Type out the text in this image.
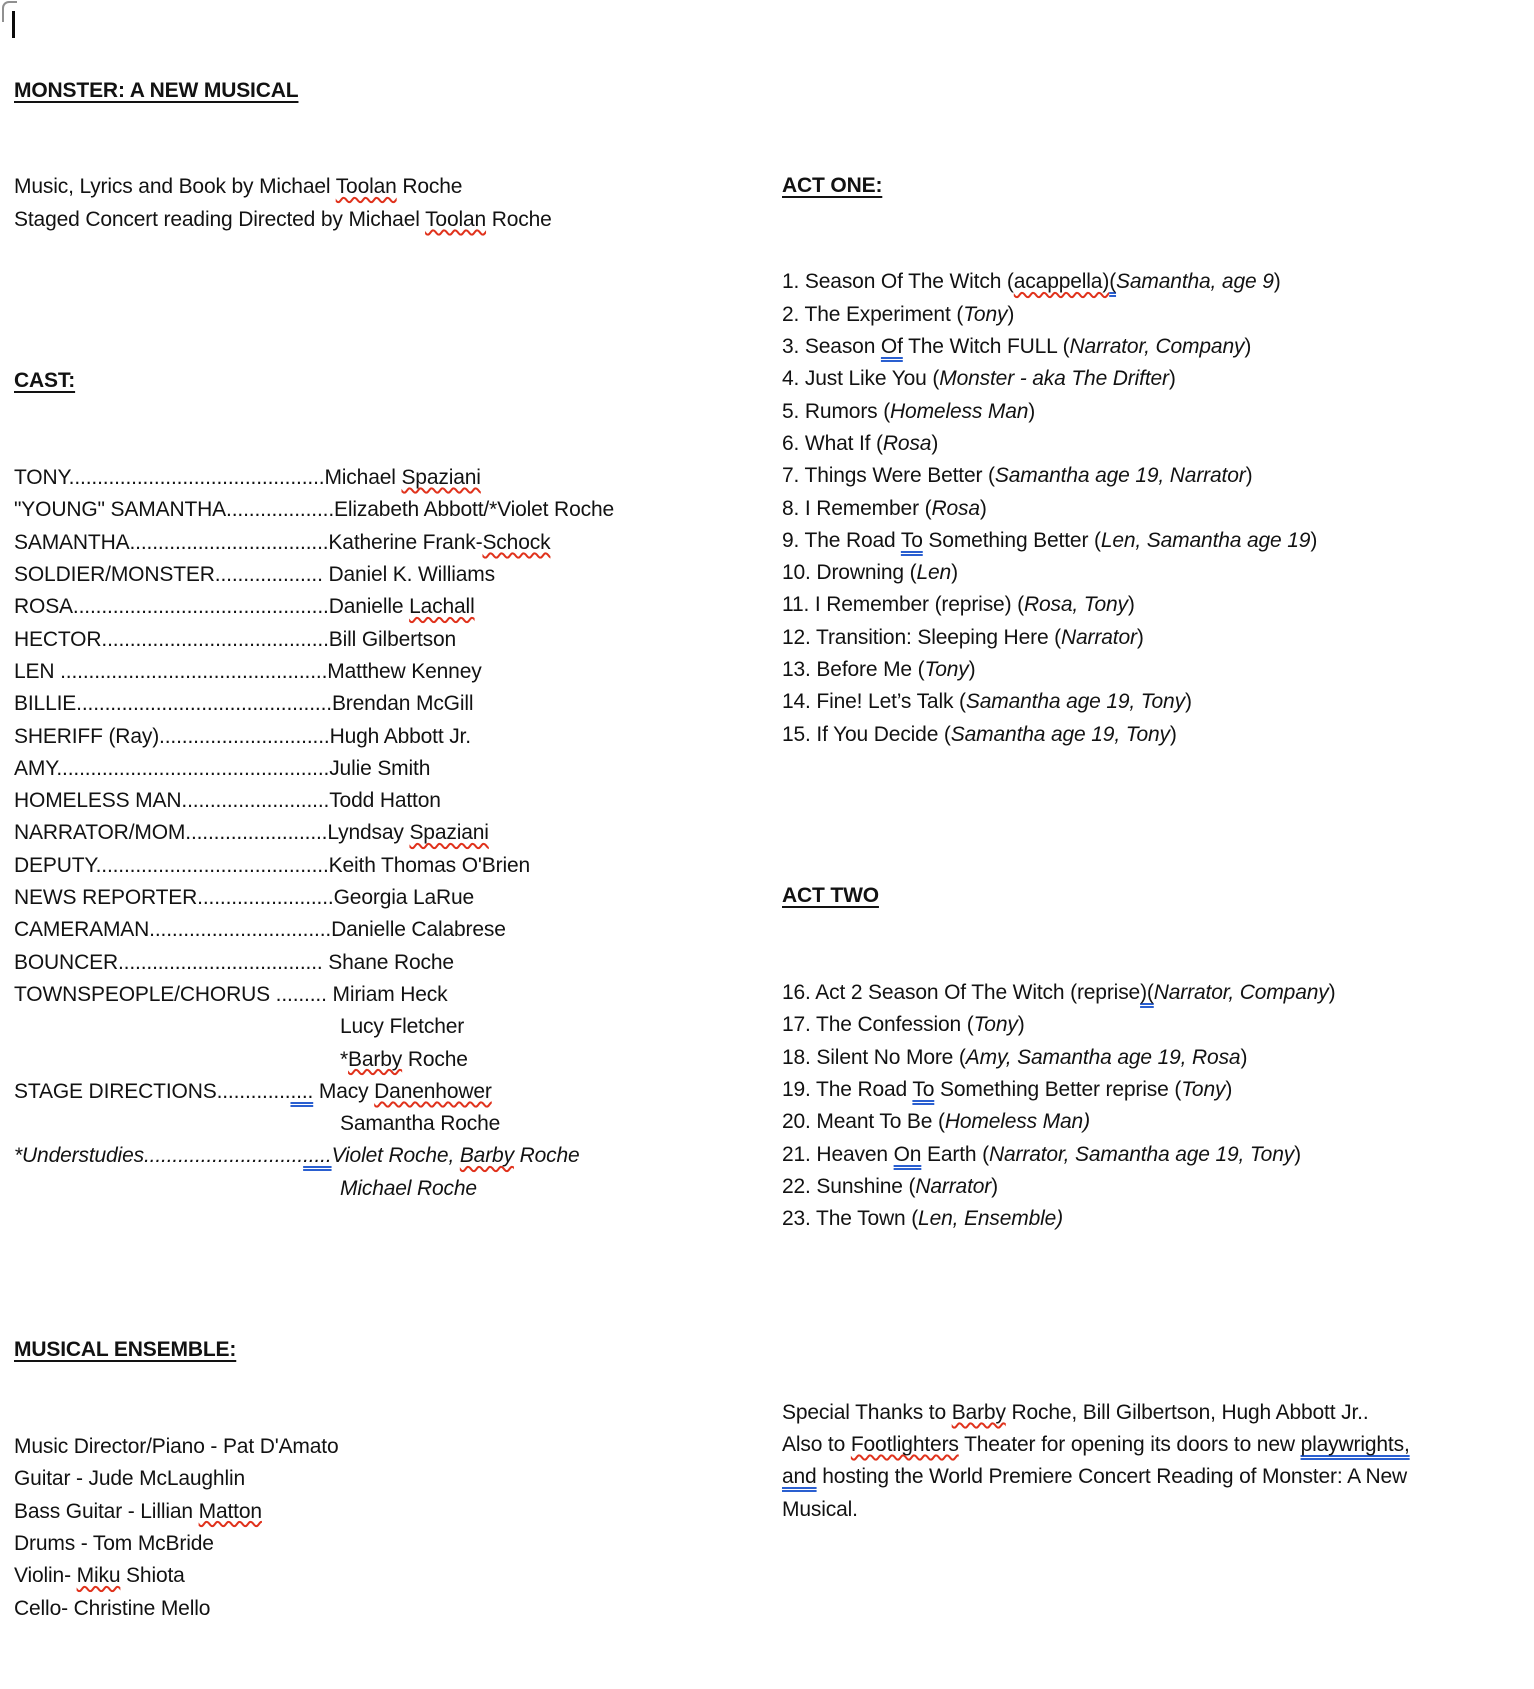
MONSTER: A NEW MUSICAL

Music, Lyrics and Book by Michael Toolan Roche
Staged Concert reading Directed by Michael Toolan Roche

CAST:

TONY.............................................Michael Spaziani
"YOUNG" SAMANTHA...................Elizabeth Abbott/*Violet Roche
SAMANTHA...................................Katherine Frank-Schock
SOLDIER/MONSTER................... Daniel K. Williams
ROSA.............................................Danielle Lachall
HECTOR........................................Bill Gilbertson
LEN ...............................................Matthew Kenney
BILLIE.............................................Brendan McGill
SHERIFF (Ray)..............................Hugh Abbott Jr.
AMY................................................Julie Smith
HOMELESS MAN..........................Todd Hatton
NARRATOR/MOM.........................Lyndsay Spaziani
DEPUTY.........................................Keith Thomas O'Brien
NEWS REPORTER........................Georgia LaRue
CAMERAMAN................................Danielle Calabrese
BOUNCER.................................... Shane Roche
TOWNSPEOPLE/CHORUS ......... Miriam Heck
Lucy Fletcher
*Barby Roche
STAGE DIRECTIONS................. Macy Danenhower
Samantha Roche
*Understudies.................................Violet Roche, Barby Roche
Michael Roche

MUSICAL ENSEMBLE:

Music Director/Piano - Pat D'Amato
Guitar - Jude McLaughlin
Bass Guitar - Lillian Matton
Drums - Tom McBride
Violin- Miku Shiota
Cello- Christine Mello

ACT ONE:

1. Season Of The Witch (acappella)(Samantha, age 9)
2. The Experiment (Tony)
3. Season Of The Witch FULL (Narrator, Company)
4. Just Like You (Monster - aka The Drifter)
5. Rumors (Homeless Man)
6. What If (Rosa)
7. Things Were Better (Samantha age 19, Narrator)
8. I Remember (Rosa)
9. The Road To Something Better (Len, Samantha age 19)
10. Drowning (Len)
11. I Remember (reprise) (Rosa, Tony)
12. Transition: Sleeping Here (Narrator)
13. Before Me (Tony)
14. Fine! Let’s Talk (Samantha age 19, Tony)
15. If You Decide (Samantha age 19, Tony)

ACT TWO

16. Act 2 Season Of The Witch (reprise)(Narrator, Company)
17. The Confession (Tony)
18. Silent No More (Amy, Samantha age 19, Rosa)
19. The Road To Something Better reprise (Tony)
20. Meant To Be (Homeless Man)
21. Heaven On Earth (Narrator, Samantha age 19, Tony)
22. Sunshine (Narrator)
23. The Town (Len, Ensemble)

Special Thanks to Barby Roche, Bill Gilbertson, Hugh Abbott Jr..
Also to Footlighters Theater for opening its doors to new playwrights,
and hosting the World Premiere Concert Reading of Monster: A New
Musical.
